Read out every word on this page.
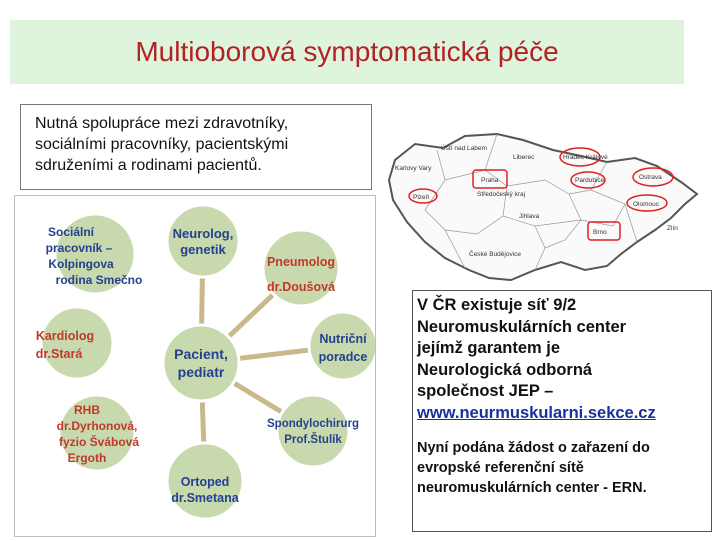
Multioborová symptomatická péče
Nutná spolupráce mezi zdravotníky,
sociálními pracovníky, pacientskými
sdruženími a rodinami pacientů.	Liberec
Ústí nad Labem
Karlovy Vary
Hradec Králové
Praha	Pardubice	Ostrava
Plzeň	Středočeský kraj
Olomouc
Jihlava
Zlín
Brno
České Budějovice
Pacient,
pediatr
Neurolog,
genetik
Pneumolog
dr.Doušová
Nutriční
poradce
Spondylochirurg
Prof.Štulík
Ortoped
dr.Smetana
RHB
dr.Dyrhonová,
fyzio Švábová
Ergoth
Kardiolog
dr.Stará
Sociální
pracovník –
Kolpingova
rodina Smečno
V ČR existuje síť 9/2
Neuromuskulárních center
jejímž garantem je
Neurologická odborná
společnost JEP –
www.neurmuskularni.sekce.cz
Nyní podána žádost o zařazení do
evropské referenční sítě
neuromuskulárních center - ERN.
